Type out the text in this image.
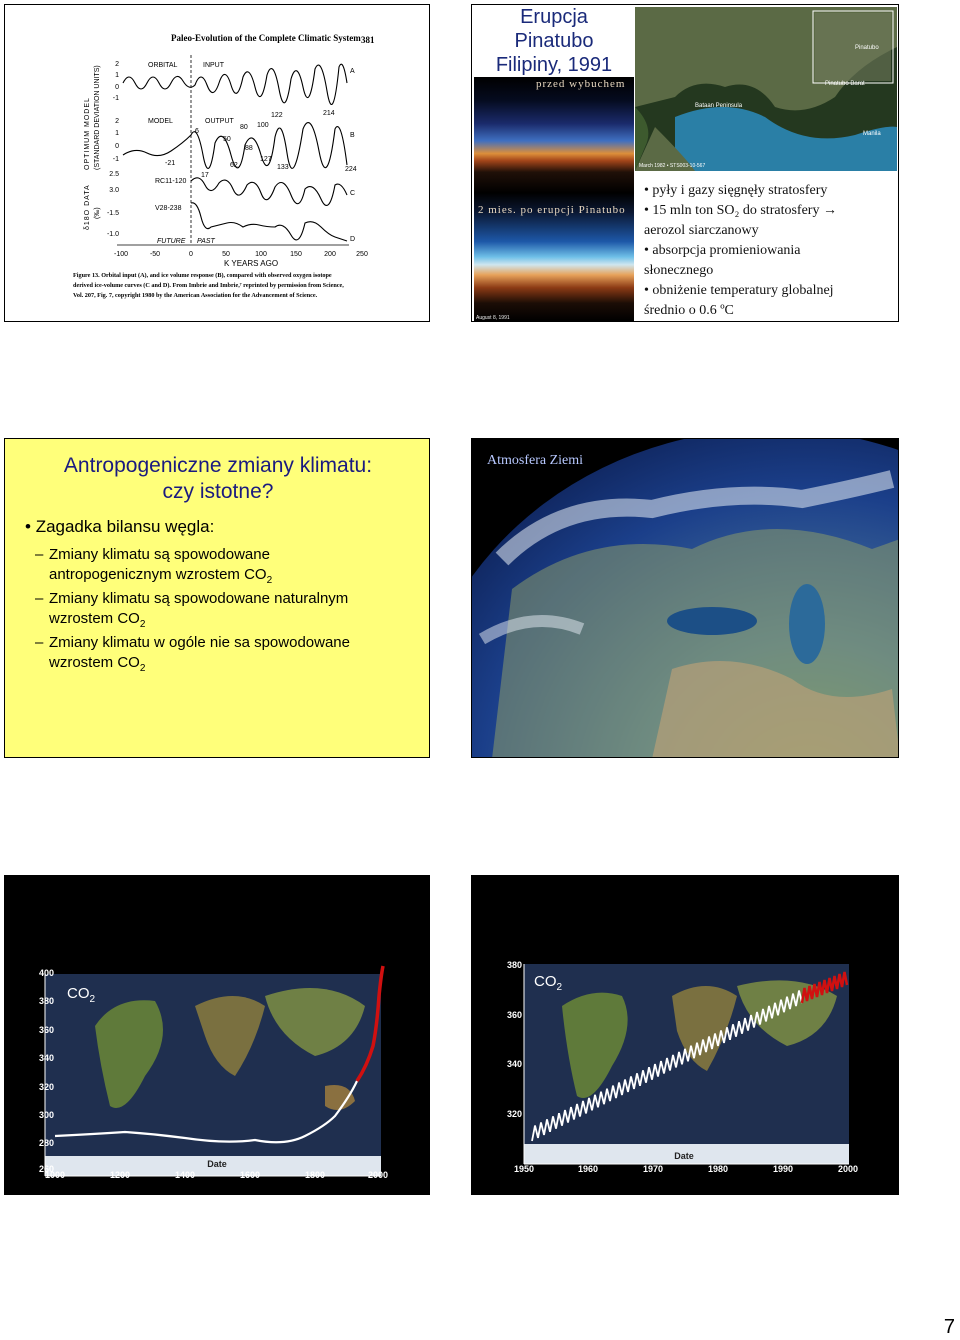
Paleo-Evolution of the Complete Climatic System 381
OPTIMUM MODEL (STANDARD DEVIATION UNITS)
δ18O DATA (‰)
2
1
0
-1
2
1
0
-1
2.5
3.0
-1.5
-1.0
ORBITAL	INPUT
MODEL	OUTPUT
RC11-120
V28-238
A
B
C
D
122	214
80 100
50
88
62
127
133	224
-21
6
17
FUTURE PAST
-100	-50	0	50	100	150	200	250
K YEARS AGO
Figure 13. Orbital input (A), and ice volume response (B), compared with observed oxygen isotope
derived ice-volume curves (C and D). From Imbrie and Imbrie,⁷ reprinted by permission from Science,
Vol. 207, Fig. 7, copyright 1980 by the American Association for the Advancement of Science.
Erupcja
Pinatubo
Filipiny, 1991
przed wybuchem
2 mies. po erupcji Pinatubo
August 8, 1991
Pinatubo
Pinatubo Barat
Bataan Peninsula
Manila
March 1982 • STS003-10-567
• pyły i gazy sięgnęły stratosfery
• 15 mln ton SO₂ do stratosfery →
aerozol siarczanowy
• absorpcja promieniowania
słonecznego
• obniżenie temperatury globalnej
średnio o 0.6 ºC
Antropogeniczne zmiany klimatu:
czy istotne?
• Zagadka bilansu węgla:
– Zmiany klimatu są spowodowane
antropogenicznym wzrostem $CO_2$
– Zmiany klimatu są spowodowane naturalnym
wzrostem $CO_2$
– Zmiany klimatu w ogóle nie sa spowodowane
wzrostem $CO_2$
Atmosfera Ziemi
400
380
360
340
320
300
280
260
1000	1200	1400	1600	1800	2000
Date
$CO_2$
380
360
340
320
1950	1960	1970	1980	1990	2000
Date
$CO_2$
7
